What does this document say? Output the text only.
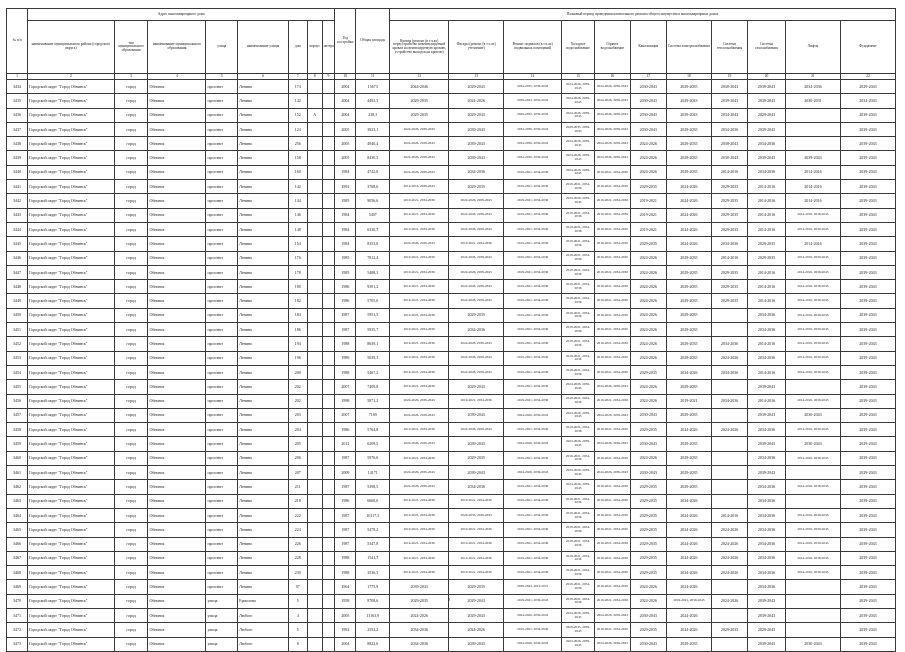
№ п/п	Адрес многоквартирного дома								Год постройки	Общая площадь	Плановый период проведения капитального ремонта общего имущества в многоквартирных домах										
	наименование муниципального района (городского округа)	тип муниципального образования	наименование муниципального образования	улица	наименование улицы	дом	корпус	литера			Кровля (ремонт (в т.ч.ах) переустройство невентилируемой кровли на вентилируемую кровлю, устройство выходов на кровлю)	Фасады (ремонт (в т.ч.ах) утепление)	Ремонт подвалов (в т.ч.ах) подвальных помещений	Холодное водоснабжение	Горячее водоснабжение	Канализация	Система электроснабжения	Система теплоснабжения	Система газоснабжения	Лифты	Фундамент
1	2	3	4	5	6	7	8	9	10	11	12	13	14	15	16	17	18	19	20	21	22
3434	Городской округ "Город Обнинск"	город	Обнинск	проспект	Ленина	174			2004	15673	2044-2046	2029-2043	2034-2035, 2039-2043	2024-2026, 2039-2043	2024-2026, 2039-2043	2030-2043	2029-2035	2030-2043	2039-2043	2034-2036	2029-2043
3435	Городской округ "Город Обнинск"	город	Обнинск	проспект	Ленина	142			2004	4492,3	2029-2035	2024-2026	2039-2043, 2030-2043	2024-2026, 2039-2043	2024-2026, 2039-2043	2030-2043	2029-2043	2039-2043	2039-2043	2030-2031	2034-2043
3436	Городской округ "Город Обнинск"	город	Обнинск	проспект	Ленина	152	А		2004	238,3	2029-2035	2029-2043	2029-2032, 2039-2043	2024-2026, 2039-2043	2024-2026, 2039-2043	2030-2043	2039-2043	2034-2043	2029-2043		2039-2043
3437	Городской округ "Город Обнинск"	город	Обнинск	проспект	Ленина	124			2005	3923,1	2024-2026, 2039-2043	2039-2043	2034-2036, 2039-2043	2029-2035, 2039-2043	2024-2026, 2039-2043	2030-2043	2029-2035	2034-2036	2039-2043		2039-2043
3438	Городской округ "Город Обнинск"	город	Обнинск	проспект	Ленина	256			2005	4940,4	2024-2026, 2039-2043	2039-2043	2034-2036, 2039-2043	2024-2026, 2039-2043	2024-2026, 2039-2043	2024-2026	2029-2035	2030-2043	2034-2036		2039-2043
3439	Городской округ "Город Обнинск"	город	Обнинск	проспект	Ленина	158			2005	8430,5	2024-2026, 2039-2043	2039-2043	2034-2036, 2039-2043	2024-2026, 2039-2043	2024-2026, 2039-2043	2024-2026	2029-2035	2030-2043	2039-2043	2039-2043	2039-2043
3440	Городской округ "Город Обнинск"	город	Обнинск	проспект	Ленина	160			1984	4742,8	2024-2026, 2039-2043	2034-2036	2019-2021, 2034-2036	2024-2026, 2039-2043	2019-2021, 2034-2036	2024-2026	2029-2035	2014-2016	2034-2036	2014-2016	2039-2043
3441	Городской округ "Город Обнинск"	город	Обнинск	проспект	Ленина	142			1992	3768,6	2014-2016, 2039-2043	2029-2035	2019-2021, 2034-2036	2019-2021, 2034-2036	2019-2021, 2034-2036	2029-2035	2024-2026	2029-2035	2014-2016	2014-2016	2039-2043
3442	Городской округ "Город Обнинск"	город	Обнинск	проспект	Ленина	144			1985	9056,6	2019-2021, 2034-2036	2024-2026, 2039-2043	2019-2021, 2034-2036	2024-2026, 2039-2043	2019-2021, 2034-2036	2019-2021	2024-2026	2029-2035	2014-2016	2014-2016	2039-2043
3443	Городской округ "Город Обнинск"	город	Обнинск	проспект	Ленина	146			1984	5407	2019-2021, 2034-2036	2024-2026, 2039-2043	2019-2021, 2034-2036	2019-2021, 2034-2036	2019-2021, 2034-2036	2019-2021	2024-2026	2029-2035	2014-2016	2014-2016, 2039-2043	2039-2043
3444	Городской округ "Город Обнинск"	город	Обнинск	проспект	Ленина	148			1984	6330,7	2019-2021, 2034-2036	2024-2026, 2039-2043	2019-2021, 2034-2036	2019-2021, 2034-2036	2019-2021, 2034-2036	2019-2021	2024-2026	2029-2035	2014-2016	2014-2016, 2039-2043	2039-2043
3445	Городской округ "Город Обнинск"	город	Обнинск	проспект	Ленина	154			1984	8353,8	2024-2026, 2039-2043	2019-2021, 2034-2036	2019-2021, 2034-2036	2019-2021, 2034-2036	2019-2021, 2034-2036	2029-2035	2024-2026	2034-2036	2029-2035	2014-2016	2039-2043
3446	Городской округ "Город Обнинск"	город	Обнинск	проспект	Ленина	176			1985	7812,4	2019-2021, 2034-2036	2024-2026, 2039-2043	2019-2021, 2034-2036	2019-2021, 2034-2036	2019-2021, 2034-2036	2024-2026	2029-2035	2014-2016	2029-2035	2014-2016, 2039-2043	2039-2043
3447	Городской округ "Город Обнинск"	город	Обнинск	проспект	Ленина	178			1985	5408,3	2019-2021, 2034-2036	2024-2026, 2039-2043	2019-2021, 2034-2036	2019-2021, 2034-2036	2019-2021, 2034-2036	2024-2026	2029-2035	2029-2035	2014-2016	2014-2016, 2039-2043	2039-2043
3448	Городской округ "Город Обнинск"	город	Обнинск	проспект	Ленина	180			1986	9391,2	2019-2021, 2034-2036	2024-2026, 2039-2043	2019-2021, 2034-2036	2019-2021, 2034-2036	2019-2021, 2034-2036	2024-2026	2029-2035	2029-2035	2014-2016	2014-2016, 2039-2043	2039-2043
3449	Городской округ "Город Обнинск"	город	Обнинск	проспект	Ленина	182			1986	5705,6	2019-2021, 2034-2036	2024-2026, 2039-2043	2019-2021, 2034-2036	2019-2021, 2034-2036	2019-2021, 2034-2036	2024-2026	2029-2035	2029-2035	2014-2016	2014-2016, 2039-2043	2039-2043
3450	Городской округ "Город Обнинск"	город	Обнинск	проспект	Ленина	184			1987	5951,5	2019-2021, 2034-2036	2029-2035	2019-2021, 2034-2036	2019-2021, 2034-2036	2019-2021, 2034-2036	2024-2026	2029-2035		2034-2036	2014-2016, 2039-2043	2039-2043
3451	Городской округ "Город Обнинск"	город	Обнинск	проспект	Ленина	186			1987	5935,7	2019-2021, 2034-2036	2034-2036	2019-2021, 2034-2036	2019-2021, 2034-2036	2019-2021, 2034-2036	2024-2026	2029-2035		2034-2036	2014-2016, 2039-2043	2039-2043
3452	Городской округ "Город Обнинск"	город	Обнинск	проспект	Ленина	194			1988	8639,1	2019-2021, 2034-2036	2024-2026, 2039-2043	2019-2021, 2034-2036	2019-2021, 2034-2036	2019-2021, 2034-2036	2024-2026	2029-2035	2034-2036	2014-2016	2014-2016, 2039-2043	2039-2043
3453	Городской округ "Город Обнинск"	город	Обнинск	проспект	Ленина	196			1989	5039,1	2019-2021, 2034-2036	2024-2026, 2039-2043	2019-2021, 2034-2036	2019-2021, 2034-2036	2019-2021, 2034-2036	2024-2026	2029-2035	2024-2026	2034-2036	2014-2016, 2039-2043	2039-2043
3454	Городской округ "Город Обнинск"	город	Обнинск	проспект	Ленина	200			1988	5467,2	2019-2021, 2034-2036	2024-2026, 2039-2043	2019-2021, 2034-2036	2019-2021, 2034-2036	2019-2021, 2034-2036	2029-2035	2024-2026	2034-2036	2014-2016	2014-2016, 2039-2043	2039-2043
3455	Городской округ "Город Обнинск"	город	Обнинск	проспект	Ленина	202			2007	7409,8	2019-2021, 2034-2036	2029-2043	2019-2021, 2034-2036	2024-2026, 2039-2043	2024-2026, 2039-2043	2024-2026	2029-2035		2039-2043		2039-2043
3456	Городской округ "Город Обнинск"	город	Обнинск	проспект	Ленина	202			1998	5871,2	2024-2026, 2039-2043	2019-2021, 2034-2036	2019-2021, 2034-2036	2019-2021, 2034-2036	2019-2021, 2034-2036	2024-2026	2019-2021	2034-2036	2014-2016	2014-2016, 2039-2043	2039-2043
3457	Городской округ "Город Обнинск"	город	Обнинск	проспект	Ленина	203			2007	7169	2024-2026, 2039-2043	2039-2043	2024-2026, 2039-2043	2024-2026, 2039-2043	2024-2026, 2039-2043	2030-2043	2029-2035		2039-2043	2030-2043	2029-2043
3458	Городской округ "Город Обнинск"	город	Обнинск	проспект	Ленина	204			1986	5764,8	2019-2021, 2034-2036	2024-2026, 2039-2043	2019-2021, 2034-2036	2019-2021, 2034-2036	2019-2021, 2034-2036	2029-2035	2024-2026	2024-2026	2034-2036	2014-2016, 2039-2043	2039-2043
3459	Городской округ "Город Обнинск"	город	Обнинск	проспект	Ленина	205			2012	6209,5	2024-2026, 2039-2043	2039-2043	2024-2026, 2039-2043	2024-2026, 2039-2043	2024-2026, 2039-2043	2030-2043	2029-2035		2039-2043	2030-2043	2029-2043
3460	Городской округ "Город Обнинск"	город	Обнинск	проспект	Ленина	206			1987	5976,6	2019-2021, 2034-2036	2029-2035	2019-2021, 2034-2036	2019-2021, 2034-2036	2019-2021, 2034-2036	2024-2026	2029-2035		2034-2036	2014-2016, 2039-2043	2039-2043
3461	Городской округ "Город Обнинск"	город	Обнинск	проспект	Ленина	207			2009	14171	2024-2026, 2039-2043	2039-2043	2024-2026, 2039-2043	2024-2026, 2039-2043	2024-2026, 2039-2043	2030-2043	2029-2035		2039-2043		2029-2043
3462	Городской округ "Город Обнинск"	город	Обнинск	проспект	Ленина	211			1987	5398,5	2024-2026, 2039-2043	2034-2036	2019-2021, 2034-2036	2024-2026, 2039-2043	2019-2021, 2034-2036	2029-2035	2029-2035		2034-2036	2014-2016, 2039-2043	2039-2043
3463	Городской округ "Город Обнинск"	город	Обнинск	проспект	Ленина	218			1986	6660,6	2019-2021, 2034-2036	2019-2021, 2034-2036	2019-2021, 2034-2036	2019-2021, 2034-2036	2019-2021, 2034-2036	2029-2035	2024-2026		2034-2036		2039-2043
3464	Городской округ "Город Обнинск"	город	Обнинск	проспект	Ленина	222			1987	10117,5	2019-2021, 2034-2036	2029-2035, 2039-2043	2019-2021, 2034-2036	2019-2021, 2034-2036	2019-2021, 2034-2036	2029-2035	2024-2026	2014-2016	2034-2036	2014-2016, 2039-2043	2039-2043
3465	Городской округ "Город Обнинск"	город	Обнинск	проспект	Ленина	224			1987	5479,2	2019-2021, 2034-2036	2019-2021, 2034-2036	2019-2021, 2034-2036	2019-2021, 2034-2036	2019-2021, 2034-2036	2029-2035	2024-2026	2024-2026	2034-2036	2014-2016, 2039-2043	2039-2043
3466	Городской округ "Город Обнинск"	город	Обнинск	проспект	Ленина	226			1987	5347,8	2019-2021, 2034-2036	2019-2021, 2034-2036	2019-2021, 2034-2036	2019-2021, 2034-2036	2019-2021, 2034-2036	2029-2035	2024-2026	2024-2026	2034-2036	2014-2016, 2039-2043	2039-2043
3467	Городской округ "Город Обнинск"	город	Обнинск	проспект	Ленина	228			1988	1541,7	2019-2021, 2034-2036	2019-2021, 2034-2036	2019-2021, 2034-2036	2019-2021, 2034-2036	2019-2021, 2034-2036	2029-2035	2024-2026	2024-2026	2034-2036	2014-2016, 2039-2043	2039-2043
3468	Городской округ "Город Обнинск"	город	Обнинск	проспект	Ленина	230			1988	3536,3	2019-2021, 2034-2036	2019-2021, 2034-2036	2019-2021, 2034-2036	2019-2021, 2034-2036	2019-2021, 2034-2036	2029-2035	2024-2026	2024-2026	2034-2036	2014-2016, 2039-2043	2039-2043
3469	Городской округ "Город Обнинск"	город	Обнинск	проспект	Ленина	97			1964	1775,9	2039-2043	2029-2035	2039-2043, 2019-2021	2019-2021, 2034-2036	2019-2021, 2034-2036	2024-2026	2024-2026		2034-2036		2039-2043
3470	Городской округ "Город Обнинск"	город	Обнинск	улица	Ермолова	5			1958	8708,6	2029-2035	2029-2043	2019-2021, 2039-2043	2019-2021, 2034-2036	2019-2021, 2034-2036	2024-2026	2019-2021, 2039-2043	2024-2026	2039-2043		2029-2043
3471	Городской округ "Город Обнинск"	город	Обнинск	улица	Любого	4			2005	11163,9	2024-2026	2029-2043	2024-2026, 2039-2043	2024-2026, 2039-2043	2024-2026, 2039-2043	2030-2043	2024-2026		2039-2043		2039-2043
3472	Городской округ "Город Обнинск"	город	Обнинск	улица	Любого	5			1992	2552,2	2034-2036	2024-2026	2019-2021, 2034-2036	2029-2035, 2039-2043	2019-2021, 2034-2036	2029-2035	2024-2026	2029-2035	2029-2043		2039-2043
3473	Городской округ "Город Обнинск"	город	Обнинск	улица	Любого	8			2004	8822,6	2034-2036	2039-2043	2024-2026, 2039-2043	2024-2026, 2039-2043	2024-2026, 2039-2043	2030-2043	2029-2035		2039-2043	2030-2043	2039-2043
2
